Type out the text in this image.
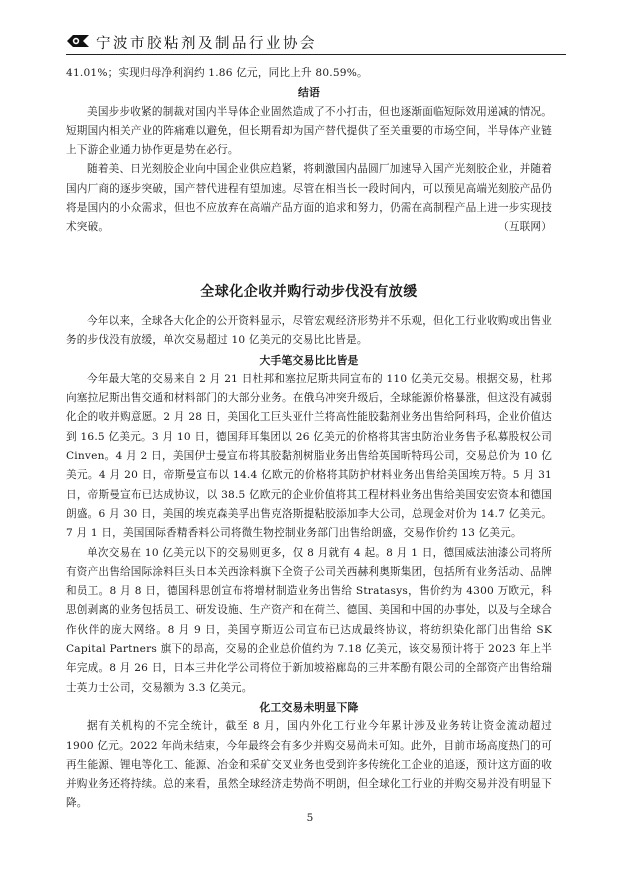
宁波市胶粘剂及制品行业协会

41.01%；实现归母净利润约 1.86 亿元，同比上升 80.59%。

结语

美国步步收紧的制裁对国内半导体企业固然造成了不小打击，但也逐渐面临短际效用递减的情况。短期国内相关产业的阵痛难以避免，但长期看却为国产替代提供了至关重要的市场空间，半导体产业链上下游企业通力协作更是势在必行。

随着美、日光刻胶企业向中国企业供应趋紧，将刺激国内晶圆厂加速导入国产光刻胶企业，并随着国内厂商的逐步突破，国产替代进程有望加速。尽管在相当长一段时间内，可以预见高端光刻胶产品仍将是国内的小众需求，但也不应放弃在高端产品方面的追求和努力，仍需在高制程产品上进一步实现技术突破。	（互联网）

全球化企收并购行动步伐没有放缓

今年以来，全球各大化企的公开资料显示，尽管宏观经济形势并不乐观，但化工行业收购或出售业务的步伐没有放缓，单次交易超过 10 亿美元的交易比比皆是。

大手笔交易比比皆是

今年最大笔的交易来自 2 月 21 日杜邦和塞拉尼斯共同宣布的 110 亿美元交易。根据交易，杜邦向塞拉尼斯出售交通和材料部门的大部分业务。在俄乌冲突升级后，全球能源价格暴涨，但这没有减弱化企的收并购意愿。2 月 28 日，美国化工巨头亚什兰将高性能胶黏剂业务出售给阿科玛，企业价值达到 16.5 亿美元。3 月 10 日，德国拜耳集团以 26 亿美元的价格将其害虫防治业务售予私募股权公司 Cinven。4 月 2 日，美国伊士曼宣布将其胶黏剂树脂业务出售给英国昕特玛公司，交易总价为 10 亿美元。4 月 20 日，帝斯曼宣布以 14.4 亿欧元的价格将其防护材料业务出售给美国埃万特。5 月 31 日，帝斯曼宣布已达成协议，以 38.5 亿欧元的企业价值将其工程材料业务出售给美国安宏资本和德国朗盛。6 月 30 日，美国的埃克森美孚出售克洛斯提粘胶添加李大公司，总现金对价为 14.7 亿美元。7 月 1 日，美国国际香精香料公司将微生物控制业务部门出售给朗盛，交易作价约 13 亿美元。

单次交易在 10 亿美元以下的交易则更多，仅 8 月就有 4 起。8 月 1 日，德国威法油漆公司将所有资产出售给国际涂料巨头日本关西涂料旗下全资子公司关西赫利奥斯集团，包括所有业务活动、品牌和员工。8 月 8 日，德国科思创宣布将增材制造业务出售给 Stratasys，售价约为 4300 万欧元，科思创剥离的业务包括员工、研发设施、生产资产和在荷兰、德国、美国和中国的办事处，以及与全球合作伙伴的庞大网络。8 月 9 日，美国亨斯迈公司宣布已达成最终协议，将纺织染化部门出售给 SK Capital Partners 旗下的昂高，交易的企业总价值约为 7.18 亿美元，该交易预计将于 2023 年上半年完成。8 月 26 日，日本三井化学公司将位于新加坡裕廊岛的三井苯酚有限公司的全部资产出售给瑞士英力士公司，交易额为 3.3 亿美元。

化工交易未明显下降

据有关机构的不完全统计，截至 8 月，国内外化工行业今年累计涉及业务转让资金流动超过 1900 亿元。2022 年尚未结束，今年最终会有多少并购交易尚未可知。此外，目前市场高度热门的可再生能源、锂电等化工、能源、冶金和采矿交叉业务也受到许多传统化工企业的追逐，预计这方面的收并购业务还将持续。总的来看，虽然全球经济走势尚不明朗，但全球化工行业的并购交易并没有明显下降。

5
